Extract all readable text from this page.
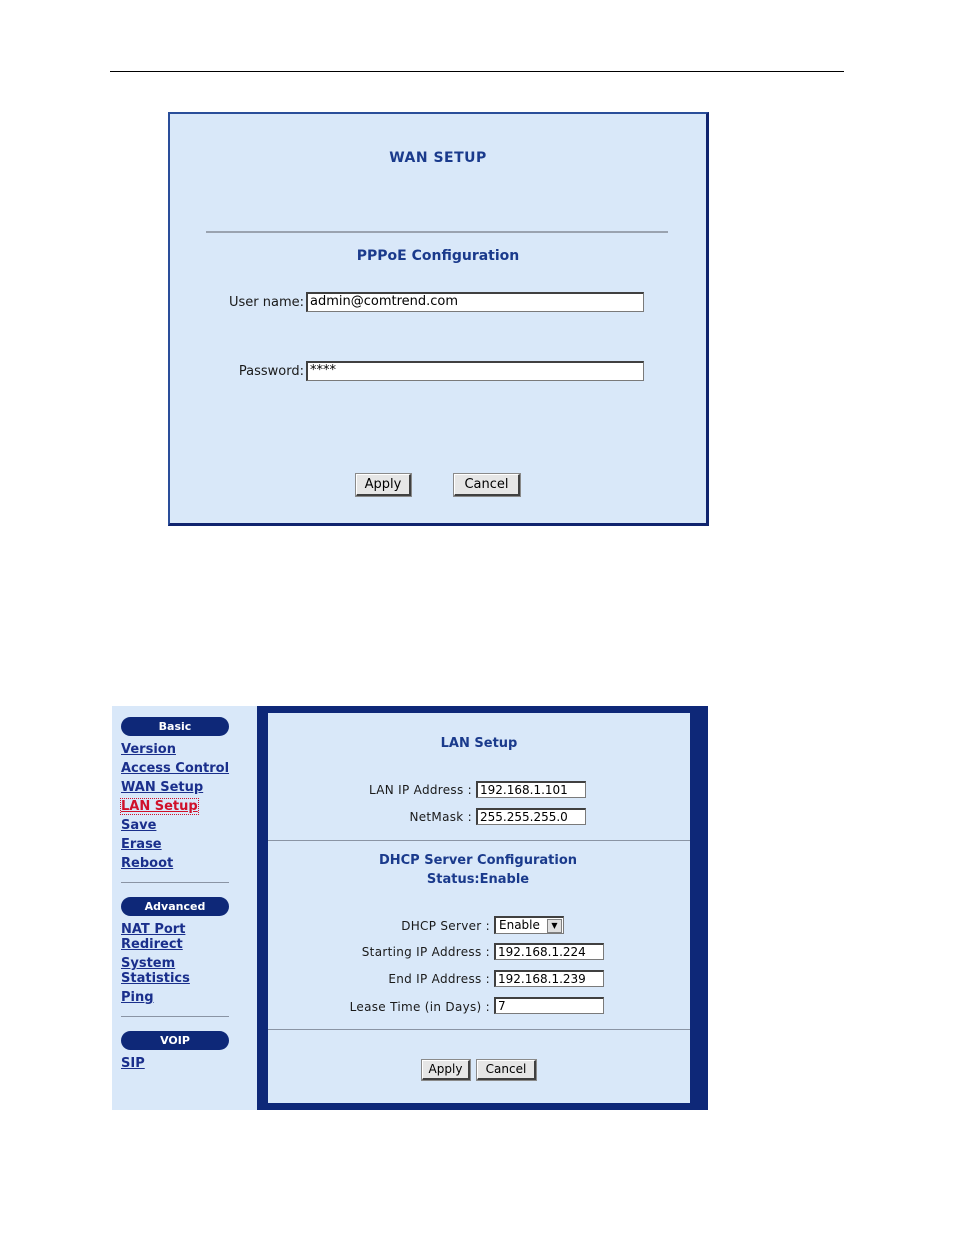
WAN SETUP
PPPoE Configuration
User name: admin@comtrend.com
Password: ****
Apply	Cancel
Basic
Version
Access Control
WAN Setup
LAN Setup
Save
Erase
Reboot
Advanced
NAT Port
Redirect
System
Statistics
Ping
VOIP
SIP
LAN Setup
LAN IP Address : 192.168.1.101
NetMask : 255.255.255.0
DHCP Server Configuration
Status:Enable
DHCP Server : Enable	▼
Starting IP Address : 192.168.1.224
End IP Address : 192.168.1.239
Lease Time (in Days) : 7
Apply	Cancel
